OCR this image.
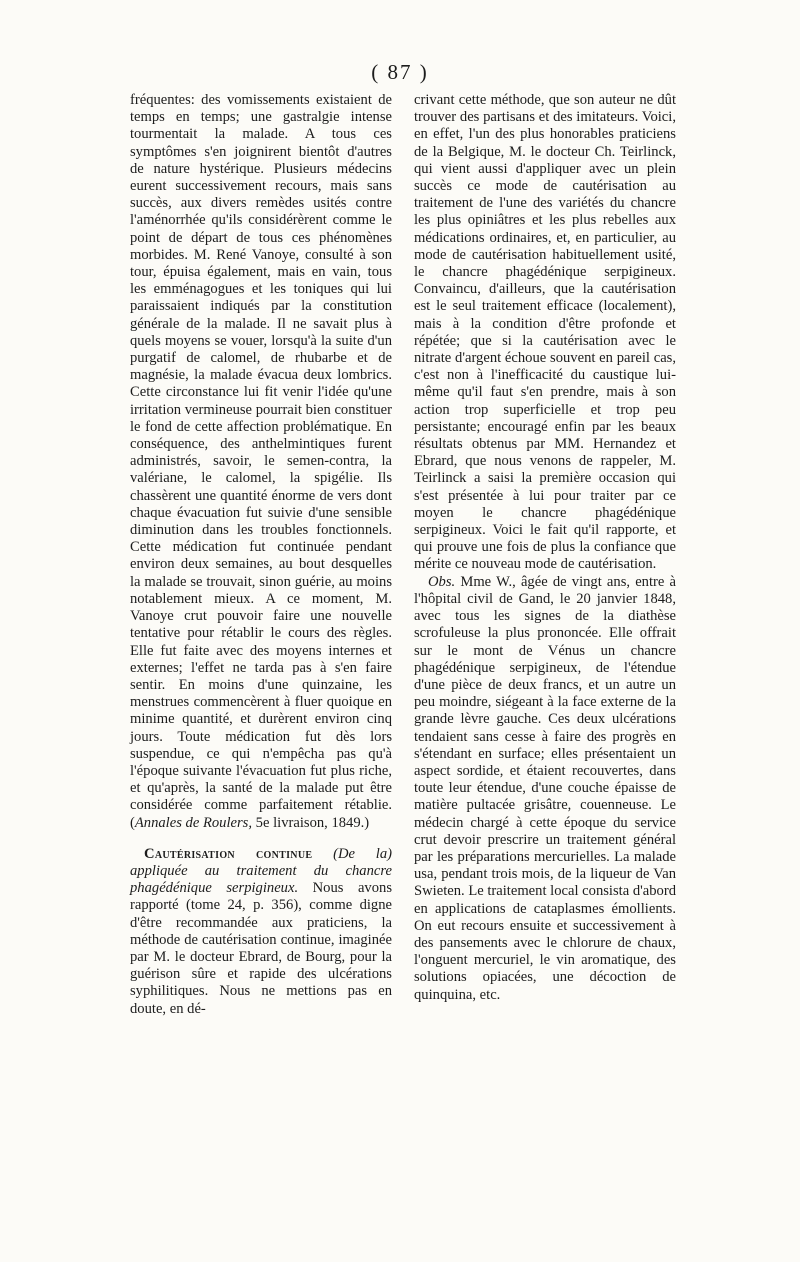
( 87 )

fréquentes: des vomissements existaient de temps en temps; une gastralgie intense tourmentait la malade. A tous ces symptômes s'en joignirent bientôt d'autres de nature hystérique. Plusieurs médecins eurent successivement recours, mais sans succès, aux divers remèdes usités contre l'aménorrhée qu'ils considérèrent comme le point de départ de tous ces phénomènes morbides. M. René Vanoye, consulté à son tour, épuisa également, mais en vain, tous les emménagogues et les toniques qui lui paraissaient indiqués par la constitution générale de la malade. Il ne savait plus à quels moyens se vouer, lorsqu'à la suite d'un purgatif de calomel, de rhubarbe et de magnésie, la malade évacua deux lombrics. Cette circonstance lui fit venir l'idée qu'une irritation vermineuse pourrait bien constituer le fond de cette affection problématique. En conséquence, des anthelmintiques furent administrés, savoir, le semen-contra, la valériane, le calomel, la spigélie. Ils chassèrent une quantité énorme de vers dont chaque évacuation fut suivie d'une sensible diminution dans les troubles fonctionnels. Cette médication fut continuée pendant environ deux semaines, au bout desquelles la malade se trouvait, sinon guérie, au moins notablement mieux. A ce moment, M. Vanoye crut pouvoir faire une nouvelle tentative pour rétablir le cours des règles. Elle fut faite avec des moyens internes et externes; l'effet ne tarda pas à s'en faire sentir. En moins d'une quinzaine, les menstrues commencèrent à fluer quoique en minime quantité, et durèrent environ cinq jours. Toute médication fut dès lors suspendue, ce qui n'empêcha pas qu'à l'époque suivante l'évacuation fut plus riche, et qu'après, la santé de la malade put être considérée comme parfaitement rétablie. (Annales de Roulers, 5e livraison, 1849.)

Cautérisation continue (De la) appliquée au traitement du chancre phagédénique serpigineux. Nous avons rapporté (tome 24, p. 356), comme digne d'être recommandée aux praticiens, la méthode de cautérisation continue, imaginée par M. le docteur Ebrard, de Bourg, pour la guérison sûre et rapide des ulcérations syphilitiques. Nous ne mettions pas en doute, en dé-

crivant cette méthode, que son auteur ne dût trouver des partisans et des imitateurs. Voici, en effet, l'un des plus honorables praticiens de la Belgique, M. le docteur Ch. Teirlinck, qui vient aussi d'appliquer avec un plein succès ce mode de cautérisation au traitement de l'une des variétés du chancre les plus opiniâtres et les plus rebelles aux médications ordinaires, et, en particulier, au mode de cautérisation habituellement usité, le chancre phagédénique serpigineux. Convaincu, d'ailleurs, que la cautérisation est le seul traitement efficace (localement), mais à la condition d'être profonde et répétée; que si la cautérisation avec le nitrate d'argent échoue souvent en pareil cas, c'est non à l'inefficacité du caustique lui-même qu'il faut s'en prendre, mais à son action trop superficielle et trop peu persistante; encouragé enfin par les beaux résultats obtenus par MM. Hernandez et Ebrard, que nous venons de rappeler, M. Teirlinck a saisi la première occasion qui s'est présentée à lui pour traiter par ce moyen le chancre phagédénique serpigineux. Voici le fait qu'il rapporte, et qui prouve une fois de plus la confiance que mérite ce nouveau mode de cautérisation.

Obs. Mme W., âgée de vingt ans, entre à l'hôpital civil de Gand, le 20 janvier 1848, avec tous les signes de la diathèse scrofuleuse la plus prononcée. Elle offrait sur le mont de Vénus un chancre phagédénique serpigineux, de l'étendue d'une pièce de deux francs, et un autre un peu moindre, siégeant à la face externe de la grande lèvre gauche. Ces deux ulcérations tendaient sans cesse à faire des progrès en s'étendant en surface; elles présentaient un aspect sordide, et étaient recouvertes, dans toute leur étendue, d'une couche épaisse de matière pultacée grisâtre, couenneuse. Le médecin chargé à cette époque du service crut devoir prescrire un traitement général par les préparations mercurielles. La malade usa, pendant trois mois, de la liqueur de Van Swieten. Le traitement local consista d'abord en applications de cataplasmes émollients. On eut recours ensuite et successivement à des pansements avec le chlorure de chaux, l'onguent mercuriel, le vin aromatique, des solutions opiacées, une décoction de quinquina, etc.
